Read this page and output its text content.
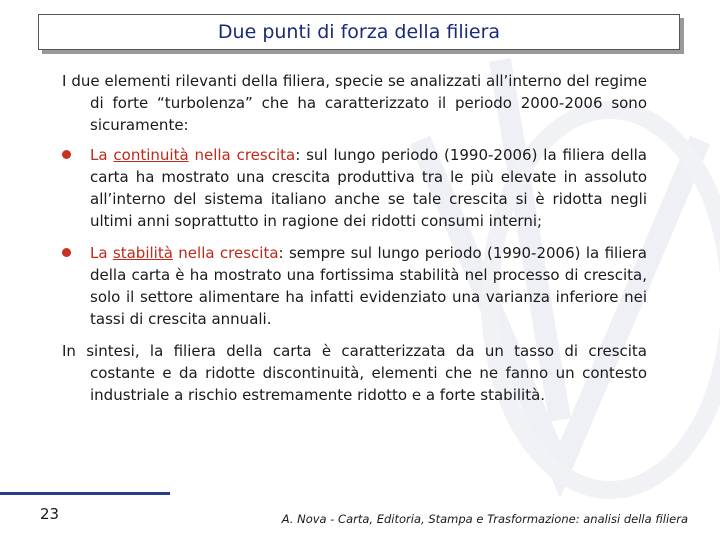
Due punti di forza della filiera

I due elementi rilevanti della filiera, specie se analizzati all’interno del regime di forte “turbolenza” che ha caratterizzato il periodo 2000-2006 sono sicuramente:

La continuità nella crescita: sul lungo periodo (1990-2006) la filiera della carta ha mostrato una crescita produttiva tra le più elevate in assoluto all’interno del sistema italiano anche se tale crescita si è ridotta negli ultimi anni soprattutto in ragione dei ridotti consumi interni;
La stabilità nella crescita: sempre sul lungo periodo (1990-2006) la filiera della carta è ha mostrato una fortissima stabilità nel processo di crescita, solo il settore alimentare ha infatti evidenziato una varianza inferiore nei tassi di crescita annuali.

In sintesi, la filiera della carta è caratterizzata da un tasso di crescita costante e da ridotte discontinuità, elementi che ne fanno un contesto industriale a rischio estremamente ridotto e a forte stabilità.

23	A. Nova - Carta, Editoria, Stampa e Trasformazione: analisi della filiera
